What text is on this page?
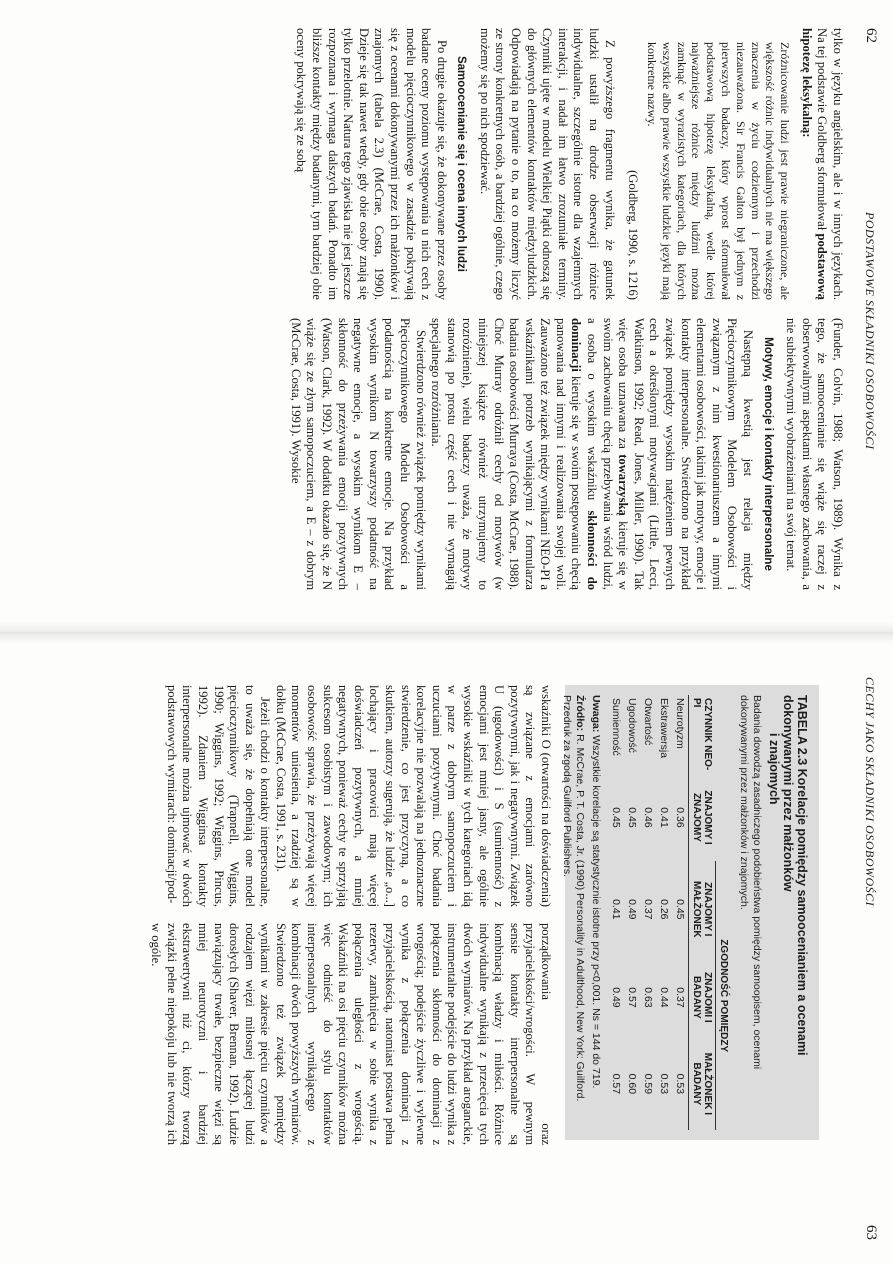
62
PODSTAWOWE SKŁADNIKI OSOBOWOŚCI

tylko w języku angielskim, ale i w innych językach. Na tej podstawie Goldberg sformułował podstawową hipotezę leksykalną:

Zróżnicowanie ludzi jest prawie niegraniczone, ale większość różnic indywidualnych nie ma większego znaczenia w życiu codziennym i przechodzi niezauważona. Sir Francis Galton był jednym z pierwszych badaczy, który wprost sformułował podstawową hipotezę leksykalną, wedle której najważniejsze różnice między ludźmi można zamknąć w wyrazistych kategoriach, dla których wszystkie albo prawie wszystkie ludzkie języki mają konkretne nazwy.
(Goldberg, 1990, s. 1216)

Z powyższego fragmentu wynika, że gatunek ludzki ustalił na drodze obserwacji różnice indywidualne, szczególnie istotne dla wzajemnych interakcji, i nadał im łatwo zrozumiałe terminy. Czynniki ujęte w modelu Wielkiej Piątki odnoszą się do głównych elementów kontaktów międzyludzkich. Odpowiadają na pytanie o to, na co możemy liczyć ze strony konkretnych osób, a bardziej ogólnie, czego możemy się po nich spodziewać.

Samoocenianie się i ocena innych ludzi

Po drugie okazuje się, że dokonywane przez osoby badane oceny poziomu występowania u nich cech z modelu pięcioczynnikowego w zasadzie pokrywają się z ocenami dokonywanymi przez ich małżonków i znajomych (tabela 2.3) (McCrae, Costa, 1990). Dzieje się tak nawet wtedy, gdy obie osoby znają się tylko przelotnie. Natura tego zjawiska nie jest jeszcze rozpoznana i wymaga dalszych badań. Ponadto im bliższe kontakty między badanymi, tym bardziej obie oceny pokrywają się ze sobą

(Funder, Colvin, 1988; Watson, 1989). Wynika z tego, że samoocenianie się wiąże się raczej z obserwowalnymi aspektami własnego zachowania, a nie subiektywnymi wyobrażeniami na swój temat.

Motywy, emocje i kontakty interpersonalne

Następną kwestią jest relacja między Pięcioczynnikowym Modelem Osobowości i związanym z nim kwestionariuszem a innymi elementami osobowości, takimi jak motywy, emocje i kontakty interpersonalne. Stwierdzono na przykład związek pomiędzy wysokim natężeniem pewnych cech a określonymi motywacjami (Little, Lecci, Watkinson, 1992; Read, Jones, Miller, 1990). Tak więc osoba uznawana za towarzyską kieruje się w swoim zachowaniu chęcią przebywania wśród ludzi, a osoba o wysokim wskaźniku skłonności do dominacji kieruje się w swoim postępowaniu chęcią panowania nad innymi i realizowania swojej woli. Zauważono też związek między wynikami NEO-PI a wskaźnikami potrzeb wynikającymi z formularza badania osobowości Murraya (Costa, McCrae, 1988). Choć Murray odróżnił cechy od motywów (w niniejszej książce również utrzymujemy to rozróżnienie), wielu badaczy uważa, że motywy stanowią po prostu część cech i nie wymagają specjalnego rozróżniania.

Stwierdzono również związek pomiędzy wynikami Pięcioczynnikowego Modelu Osobowości a podatnością na konkretne emocje. Na przykład wysokim wynikom N towarzyszy podatność na negatywne emocje, a wysokim wynikom E – skłonność do przeżywania emocji pozytywnych (Watson, Clark, 1992). W dodatku okazało się, że N wiąże się ze złym samopoczuciem, a E – z dobrym (McCrae, Costa, 1991). Wysokie

CECHY JAKO SKŁADNIKI OSOBOWOŚCI
63
TABELA 2.3 Korelacje pomiędzy samoocenianiem a ocenami dokonywanymi przez małżonków
i znajomych
Badania dowodzą zasadniczego podobieństwa pomiędzy samoopisem, ocenami dokonywanymi przez małżonków i znajomych.
		ZGODNOŚĆ POMIĘDZY		
CZYNNIK NEO-PI	ZNAJOMY I ZNAJOMY	ZNAJOMY I MAŁŻONEK	ZNAJOMI I BADANY	MAŁŻONEK I BADANY
Neurotyzm	0.36	0.45	0.37	0.53
Ekstrawersja	0.41	0.26	0.44	0.53
Otwartość	0.46	0.37	0.63	0.59
Ugodowość	0.45	0.49	0.57	0.60
Sumienność	0.45	0.41	0.49	0.57
Uwaga: Wszystkie korelacje są statystycznie istotne przy p<0,001. Ns = 144 do 719.
Źródło: R. McCrae, P. T. Costa, Jr. (1990) Personality in Adulthood, New York: Guilford. Przedruk za zgodą Guilford Publishers.

wskaźniki O (otwartości na doświadczenia) są związane z emocjami zarówno pozytywnymi, jak i negatywnymi. Związek U (ugodowości) i S (sumienność) z emocjami jest mniej jasny, ale ogólnie wysokie wskaźniki w tych kategoriach idą w parze z dobrym samopoczuciem i uczuciami pozytywnymi. Choć badania korelacyjne nie pozwalają na jednoznaczne stwierdzenie, co jest przyczyną, a co skutkiem, autorzy sugerują, że ludzie „o...] lochający i pracowici mają więcej doświadczeń pozytywnych, a mniej negatywnych, ponieważ cechy te sprzyjają sukcesom osobistym i zawodowym; ich osobowość sprawia, że przeżywają więcej momentów uniesienia, a rzadziej są w dołku (McCrae, Costa, 1991, s. 231).

Jeżeli chodzi o kontakty interpersonalne, to uważa się, że dopełniają one model pięcioczynnikowy (Trapnell, Wiggins, 1990; Wiggins, 1992; Wiggins, Pincus, 1992). Zdaniem Wigginsa kontakty interpersonalne można ujmować w dwóch podstawowych wymiarach: dominacji/pod-

porządkowania oraz przyjacielskości/wrogości. W pewnym sensie kontakty interpersonalne są kombinacją władzy i miłości. Różnice indywidualne wynikają z przecięcia tych dwóch wymiarów. Na przykład aroganckie, instrumentalne podejście do ludzi wynika z połączenia skłonności do dominacji z wrogością; podejście życzliwe i wylewne wynika z połączenia dominacji z przyjacielskością, natomiast postawa pełna rezerwy, zamknięcia w sobie wynika z połączenia uległości z wrogością. Wskaźniki na osi pięciu czynników można więc odnieść do stylu kontaktów interpersonalnych wynikającego z kombinacji dwóch powyższych wymiarów. Stwierdzono też związek pomiędzy wynikami w zakresie pięciu czynników a rodzajem więzi miłosnej łączącej ludzi dorosłych (Shaver, Brennan, 1992). Ludzie nawiązujący trwałe, bezpieczne więzi są mniej neurotyczni i bardziej ekstrawertywni niż ci, którzy tworzą związki pełne niepokoju lub nie tworzą ich w ogóle.
